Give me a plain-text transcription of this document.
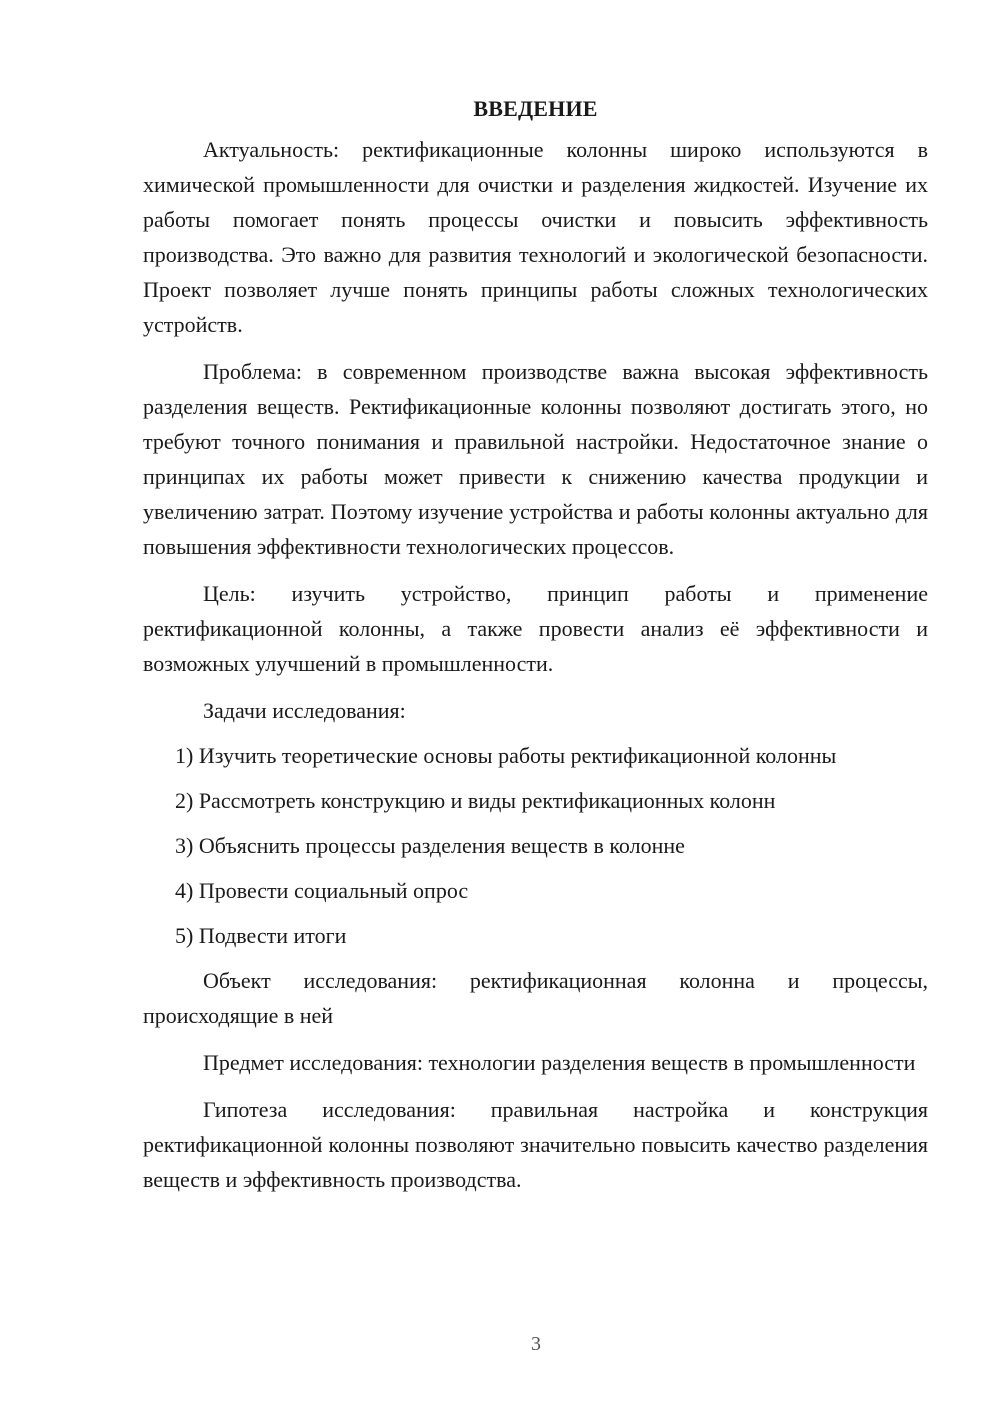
ВВЕДЕНИЕ

Актуальность: ректификационные колонны широко используются в химической промышленности для очистки и разделения жидкостей. Изучение их работы помогает понять процессы очистки и повысить эффективность производства. Это важно для развития технологий и экологической безопасности. Проект позволяет лучше понять принципы работы сложных технологических устройств.

Проблема: в современном производстве важна высокая эффективность разделения веществ. Ректификационные колонны позволяют достигать этого, но требуют точного понимания и правильной настройки. Недостаточное знание о принципах их работы может привести к снижению качества продукции и увеличению затрат. Поэтому изучение устройства и работы колонны актуально для повышения эффективности технологических процессов.

Цель: изучить устройство, принцип работы и применение ректификационной колонны, а также провести анализ её эффективности и возможных улучшений в промышленности.

Задачи исследования:

1) Изучить теоретические основы работы ректификационной колонны
2) Рассмотреть конструкцию и виды ректификационных колонн
3) Объяснить процессы разделения веществ в колонне
4) Провести социальный опрос
5) Подвести итоги

Объект исследования: ректификационная колонна и процессы, происходящие в ней

Предмет исследования: технологии разделения веществ в промышленности

Гипотеза исследования: правильная настройка и конструкция ректификационной колонны позволяют значительно повысить качество разделения веществ и эффективность производства.

3
